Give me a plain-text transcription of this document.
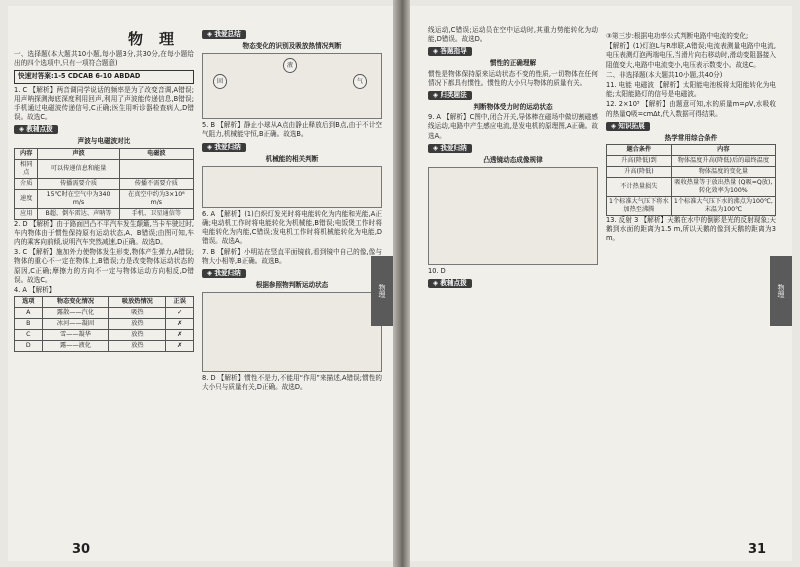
物理

一、选择题(本大题共10小题,每小题3分,共30分,在每小题给出的四个选项中,只有一项符合题意)

快速对答案:1-5 CDCAB 6-10 ABDAD

1. C 【解析】两音调同学说话的频率是为了改变音调,A错误;用声呐探测海底深度利用回声,利用了声波能传递信息,B错误;手机通过电磁波传递信号,C正确;医生用听诊器检查病人,D错误。故选C。

◈ 教辅点拨
声波与电磁波对比
内容	声波	电磁波
相同点	可以传递信息和能量	
介质	传播需要介质	传播不需要介质
速度	15℃时在空气中为340 m/s	在真空中约为3×10⁸ m/s
应用	B超、倒车雷达、声呐等	手机、卫星通信等

2. D 【解析】由于路面凹凸不平汽车发生颠簸,当卡车驶过时,车内物体由于惯性保持原有运动状态,A、B错误;由图可知,车内的乘客向前倾,说明汽车突然减速,D正确。故选D。

3. C 【解析】施加外力使物体发生形变,物体产生弹力,A错误;物体的重心不一定在物体上,B错误;力是改变物体运动状态的原因,C正确;摩擦力的方向不一定与物体运动方向相反,D错误。故选C。

4. A 【解析】

选项	物态变化情况	吸放热情况	正误
A	露散——汽化	吸热	✓
B	冰河——凝固	放热	✗
C	雪——凝华	放热	✗
D	露——液化	放热	✗
◈ 我爱总结
物态变化的识别及吸放热情况判断
固
液
气

5. B 【解析】静止小球从A点由静止释放后到B点,由于不计空气阻力,机械能守恒,B正确。故选B。

◈ 我爱归纳
机械能的相关判断

6. A 【解析】(1)白炽灯发光时将电能转化为内能和光能,A正确;电动机工作时将电能转化为机械能,B错误;电饭煲工作时将电能转化为内能,C错误;发电机工作时将机械能转化为电能,D错误。故选A。

7. B 【解析】小明站在竖直平面镜前,看到镜中自己的像,像与物大小相等,B正确。故选B。

◈ 我爱归纳
根据参照物判断运动状态

8. D 【解析】惯性不是力,不能用“作用”来描述,A错误;惯性的大小只与质量有关,D正确。故选D。

物理
30

线运动,C错误;运动员在空中运动时,其重力势能转化为动能,D错误。故选D。

◈ 答题指导
惯性的正确理解

惯性是物体保持原来运动状态不变的性质,一切物体在任何情况下都具有惯性。惯性的大小只与物体的质量有关。

◈ 归类题法
判断物体受力时的运动状态

9. A 【解析】C图中,闭合开关,导体棒在磁场中做切割磁感线运动,电路中产生感应电流,是发电机的原理图,A正确。故选A。

◈ 我爱归纳
凸透镜动态成像规律

10. D

◈ 教辅点拨

③第三步:根据电功率公式判断电路中电流的变化;

【解析】(1)灯泡L与R串联,A错误;电流表测量电路中电流,电压表测灯泡两端电压,当滑片向右移动时,滑动变阻器接入阻值变大,电路中电流变小,电压表示数变小。故选C。

二、非选择题(本大题共10小题,共40分)

11. 电能 电磁波 【解析】太阳能电池板将太阳能转化为电能;太阳能路灯的信号是电磁波。

12. 2×10⁵ 【解析】由题意可知,水的质量m=ρV,水吸收的热量Q吸=cmΔt,代入数据可得结果。

◈ 知识拓展
热学常用综合条件
题合条件	内容
升高(降低)到	物体温度升高(降低)后的最终温度
升高(降低)	物体温度的变化量
不计热量损失	吸收热量等于放出热量 (Q吸=Q放),转化效率为100%
1个标准大气压下将水加热至沸腾	1个标准大气压下水的沸点为100℃,末温为100℃

13. 反射 3 【解析】天鹅在水中的倒影是光的反射现象;天鹅到水面的距离为1.5 m,所以天鹅的像到天鹅的距离为3 m。

物理
31
